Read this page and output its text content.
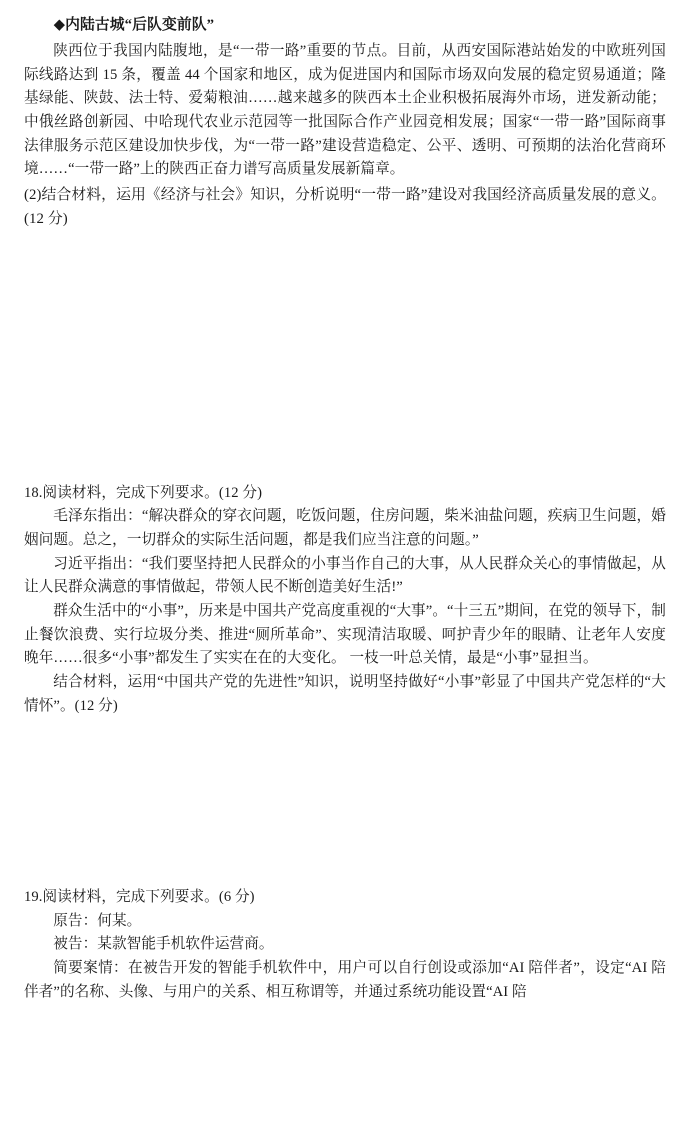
◆内陆古城“后队变前队”

陕西位于我国内陆腹地，是“一带一路”重要的节点。目前，从西安国际港站始发的中欧班列国际线路达到 15 条，覆盖 44 个国家和地区，成为促进国内和国际市场双向发展的稳定贸易通道；隆基绿能、陕鼓、法士特、爱菊粮油……越来越多的陕西本土企业积极拓展海外市场，迸发新动能；中俄丝路创新园、中哈现代农业示范园等一批国际合作产业园竞相发展；国家“一带一路”国际商事法律服务示范区建设加快步伐，为“一带一路”建设营造稳定、公平、透明、可预期的法治化营商环境……“一带一路”上的陕西正奋力谱写高质量发展新篇章。

(2)结合材料，运用《经济与社会》知识，分析说明“一带一路”建设对我国经济高质量发展的意义。(12 分)

18.阅读材料，完成下列要求。(12 分)

毛泽东指出：“解决群众的穿衣问题，吃饭问题，住房问题，柴米油盐问题，疾病卫生问题，婚姻问题。总之，一切群众的实际生活问题，都是我们应当注意的问题。”

习近平指出：“我们要坚持把人民群众的小事当作自己的大事，从人民群众关心的事情做起，从让人民群众满意的事情做起，带领人民不断创造美好生活!”

群众生活中的“小事”，历来是中国共产党高度重视的“大事”。“十三五”期间，在党的领导下，制止餐饮浪费、实行垃圾分类、推进“厕所革命”、实现清洁取暖、呵护青少年的眼睛、让老年人安度晚年……很多“小事”都发生了实实在在的大变化。 一枝一叶总关情，最是“小事”显担当。

结合材料，运用“中国共产党的先进性”知识，说明坚持做好“小事”彰显了中国共产党怎样的“大情怀”。(12 分)

19.阅读材料，完成下列要求。(6 分)

原告：何某。

被告：某款智能手机软件运营商。

简要案情：在被告开发的智能手机软件中，用户可以自行创设或添加“AI 陪伴者”，设定“AI 陪伴者”的名称、头像、与用户的关系、相互称谓等，并通过系统功能设置“AI 陪
